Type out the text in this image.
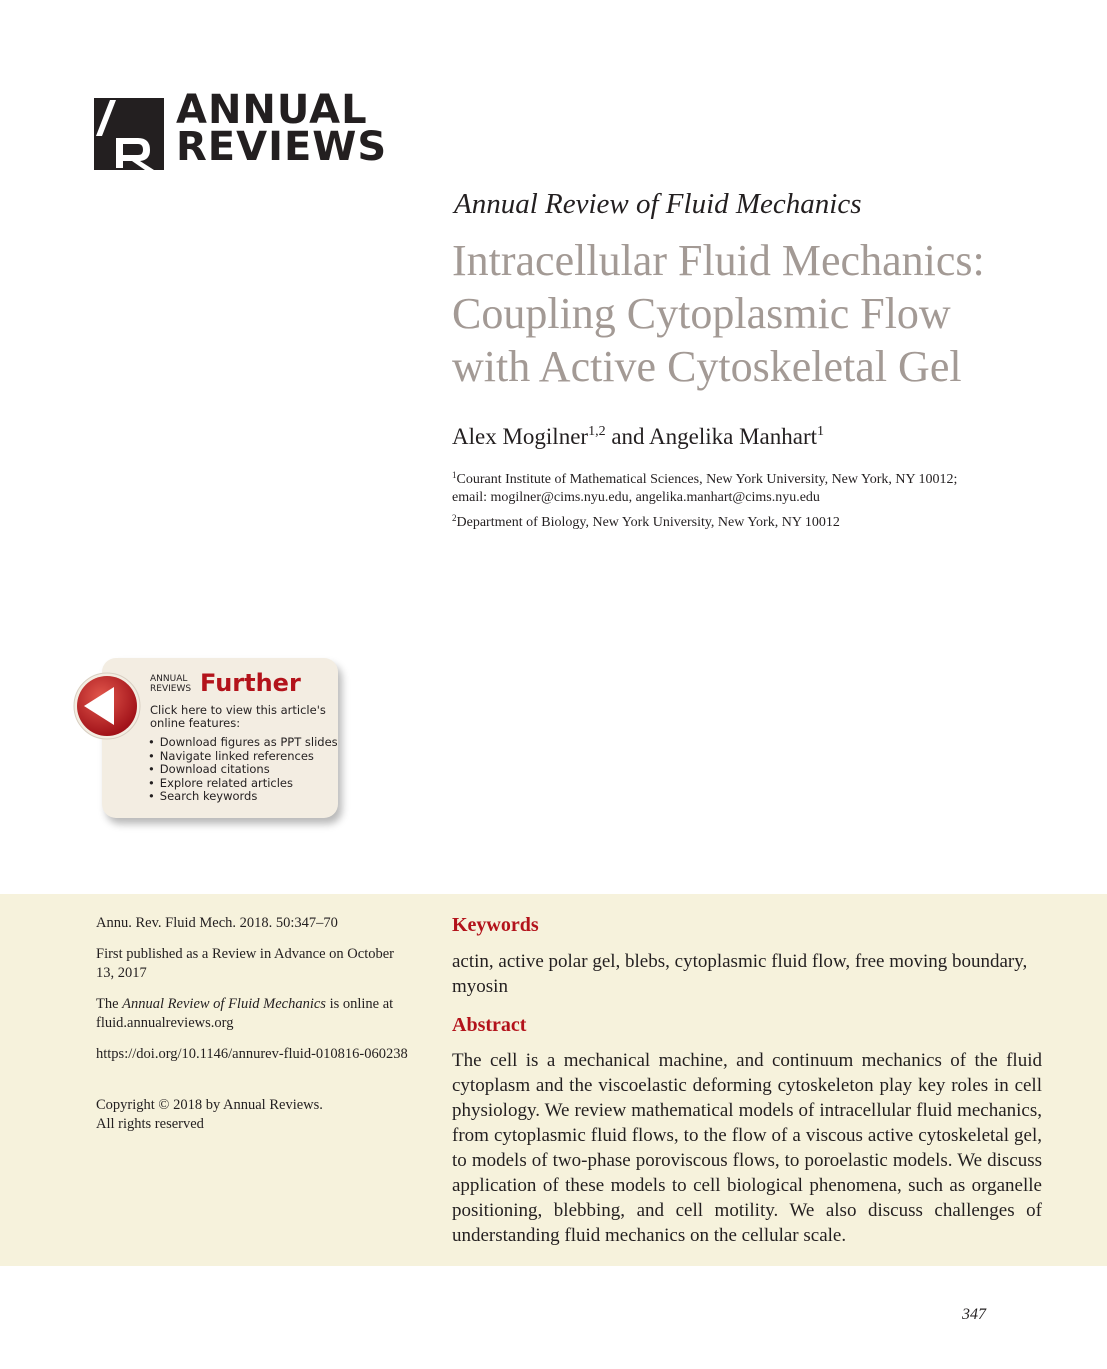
ANNUAL
REVIEWS
Annual Review of Fluid Mechanics
Intracellular Fluid Mechanics:
Coupling Cytoplasmic Flow
with Active Cytoskeletal Gel
Alex Mogilner$^{1,2}$ and Angelika Manhart$^1$
$^1$Courant Institute of Mathematical Sciences, New York University, New York, NY 10012;
email: mogilner@cims.nyu.edu, angelika.manhart@cims.nyu.edu
$^2$Department of Biology, New York University, New York, NY 10012
ANNUAL
REVIEWS Further
Click here to view this article's online features:
• Download figures as PPT slides
• Navigate linked references
• Download citations
• Explore related articles
• Search keywords
Annu. Rev. Fluid Mech. 2018. 50:347–70
First published as a Review in Advance on October 13, 2017
The Annual Review of Fluid Mechanics is online at fluid.annualreviews.org
https://doi.org/10.1146/annurev-fluid-010816-060238
Copyright © 2018 by Annual Reviews.
All rights reserved
Keywords
actin, active polar gel, blebs, cytoplasmic fluid flow, free moving boundary, myosin
Abstract
The cell is a mechanical machine, and continuum mechanics of the fluid cytoplasm and the viscoelastic deforming cytoskeleton play key roles in cell physiology. We review mathematical models of intracellular fluid mechanics, from cytoplasmic fluid flows, to the flow of a viscous active cytoskeletal gel, to models of two-phase poroviscous flows, to poroelastic models. We discuss application of these models to cell biological phenomena, such as organelle positioning, blebbing, and cell motility. We also discuss challenges of understanding fluid mechanics on the cellular scale.
347
